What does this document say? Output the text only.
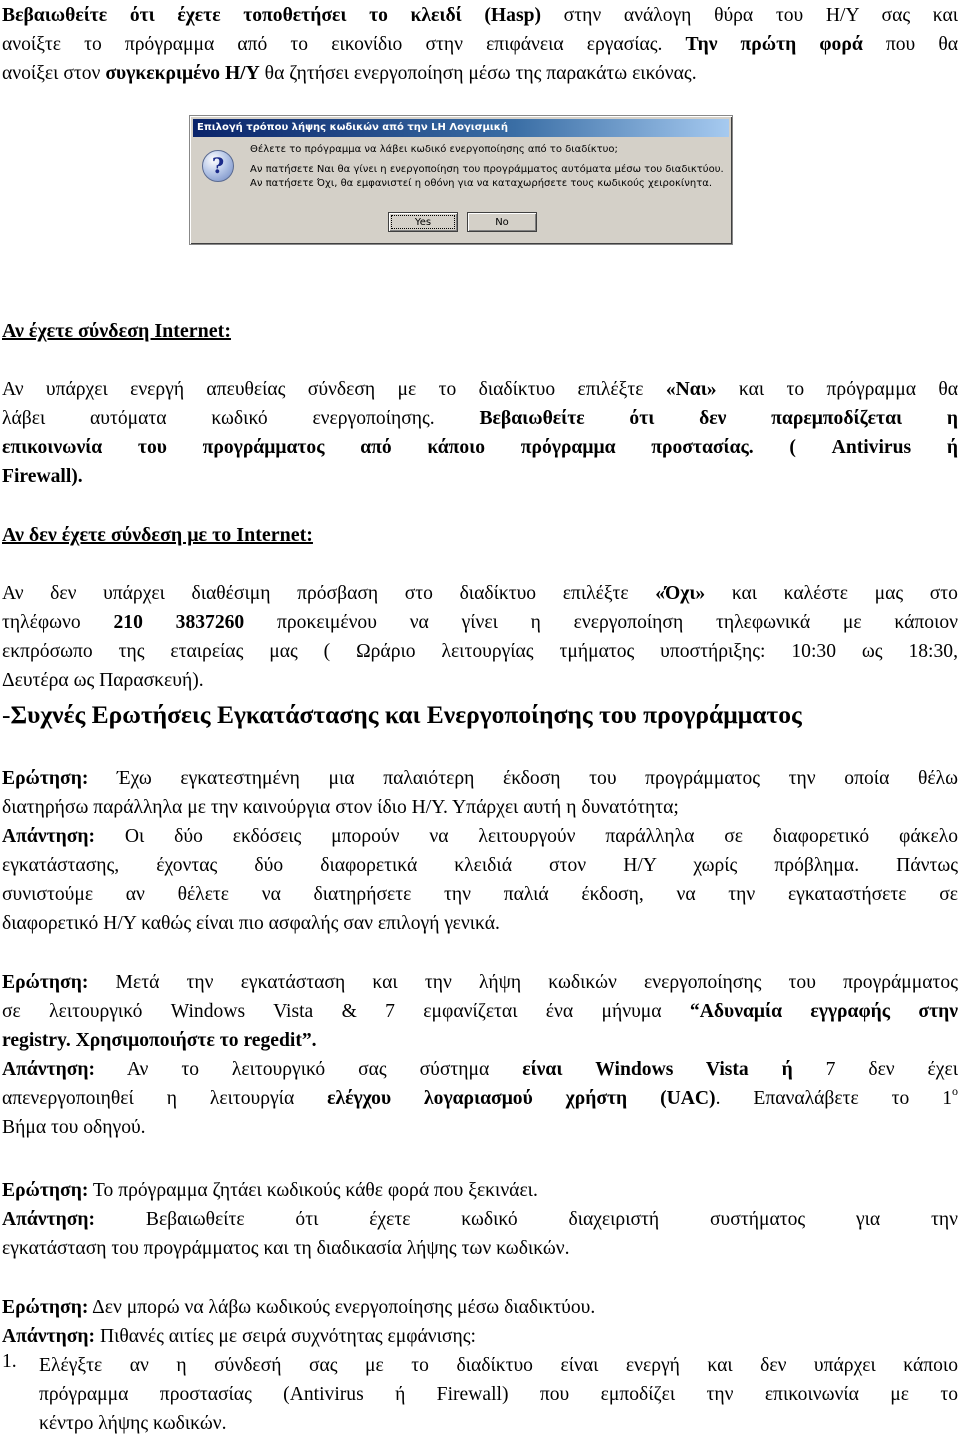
Βεβαιωθείτε ότι έχετε τοποθετήσει το κλειδί (Hasp) στην ανάλογη θύρα του Η/Υ σας και

ανοίξτε το πρόγραμμα από το εικονίδιο στην επιφάνεια εργασίας. Την πρώτη φορά που θα

ανοίξει στον συγκεκριμένο Η/Υ θα ζητήσει ενεργοποίηση μέσω της παρακάτω εικόνας.

Επιλογή τρόπου λήψης κωδικών από την LH Λογισμική
?
Θέλετε το πρόγραμμα να λάβει κωδικό ενεργοποίησης από το διαδίκτυο;
Αν πατήσετε Ναι θα γίνει η ενεργοποίηση του προγράμματος αυτόματα μέσω του διαδικτύου.
Αν πατήσετε Όχι, θα εμφανιστεί η οθόνη για να καταχωρήσετε τους κωδικούς χειροκίνητα.
Yes	No

Αν έχετε σύνδεση Internet:

Αν υπάρχει ενεργή απευθείας σύνδεση με το διαδίκτυο επιλέξτε «Ναι» και το πρόγραμμα θα

λάβει αυτόματα κωδικό ενεργοποίησης. Βεβαιωθείτε ότι δεν παρεμποδίζεται η

επικοινωνία του προγράμματος από κάποιο πρόγραμμα προστασίας. ( Antivirus ή

Firewall).

Αν δεν έχετε σύνδεση με το Internet:

Αν δεν υπάρχει διαθέσιμη πρόσβαση στο διαδίκτυο επιλέξτε «Όχι» και καλέστε μας στο

τηλέφωνο 210 3837260 προκειμένου να γίνει η ενεργοποίηση τηλεφωνικά με κάποιον

εκπρόσωπο της εταιρείας μας ( Ωράριο λειτουργίας τμήματος υποστήριξης: 10:30 ως 18:30,

Δευτέρα ως Παρασκευή).

-Συχνές Ερωτήσεις Εγκατάστασης και Ενεργοποίησης του προγράμματος

Ερώτηση: Έχω εγκατεστημένη μια παλαιότερη έκδοση του προγράμματος την οποία θέλω

διατηρήσω παράλληλα με την καινούργια στον ίδιο Η/Υ. Υπάρχει αυτή η δυνατότητα;

Απάντηση: Οι δύο εκδόσεις μπορούν να λειτουργούν παράλληλα σε διαφορετικό φάκελο

εγκατάστασης, έχοντας δύο διαφορετικά κλειδιά στον Η/Υ χωρίς πρόβλημα. Πάντως

συνιστούμε αν θέλετε να διατηρήσετε την παλιά έκδοση, να την εγκαταστήσετε σε

διαφορετικό Η/Υ καθώς είναι πιο ασφαλής σαν επιλογή γενικά.

Ερώτηση: Μετά την εγκατάσταση και την λήψη κωδικών ενεργοποίησης του προγράμματος

σε λειτουργικό Windows Vista & 7 εμφανίζεται ένα μήνυμα “Αδυναμία εγγραφής στην

registry. Χρησιμοποιήστε το regedit”.

Απάντηση: Αν το λειτουργικό σας σύστημα είναι Windows Vista ή 7 δεν έχει

απενεργοποιηθεί η λειτουργία ελέγχου λογαριασμού χρήστη (UAC). Επαναλάβετε το $1^o$

Βήμα του οδηγού.

Ερώτηση: Το πρόγραμμα ζητάει κωδικούς κάθε φορά που ξεκινάει.

Απάντηση: Βεβαιωθείτε ότι έχετε κωδικό διαχειριστή συστήματος για την

εγκατάσταση του προγράμματος και τη διαδικασία λήψης των κωδικών.

Ερώτηση: Δεν μπορώ να λάβω κωδικούς ενεργοποίησης μέσω διαδικτύου.

Απάντηση: Πιθανές αιτίες με σειρά συχνότητας εμφάνισης:

1. Ελέγξτε αν η σύνδεσή σας με το διαδίκτυο είναι ενεργή και δεν υπάρχει κάποιο

πρόγραμμα προστασίας (Antivirus ή Firewall) που εμποδίζει την επικοινωνία με το

κέντρο λήψης κωδικών.
